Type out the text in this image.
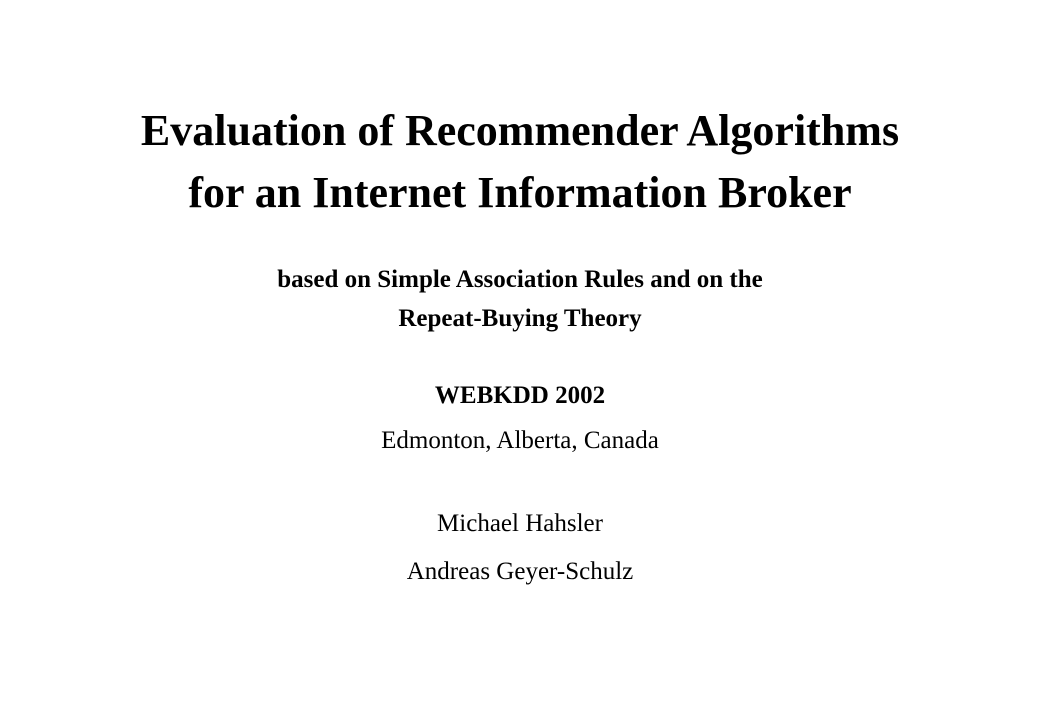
Evaluation of Recommender Algorithms
for an Internet Information Broker

based on Simple Association Rules and on the

Repeat-Buying Theory

WEBKDD 2002

Edmonton, Alberta, Canada

Michael Hahsler

Andreas Geyer-Schulz
